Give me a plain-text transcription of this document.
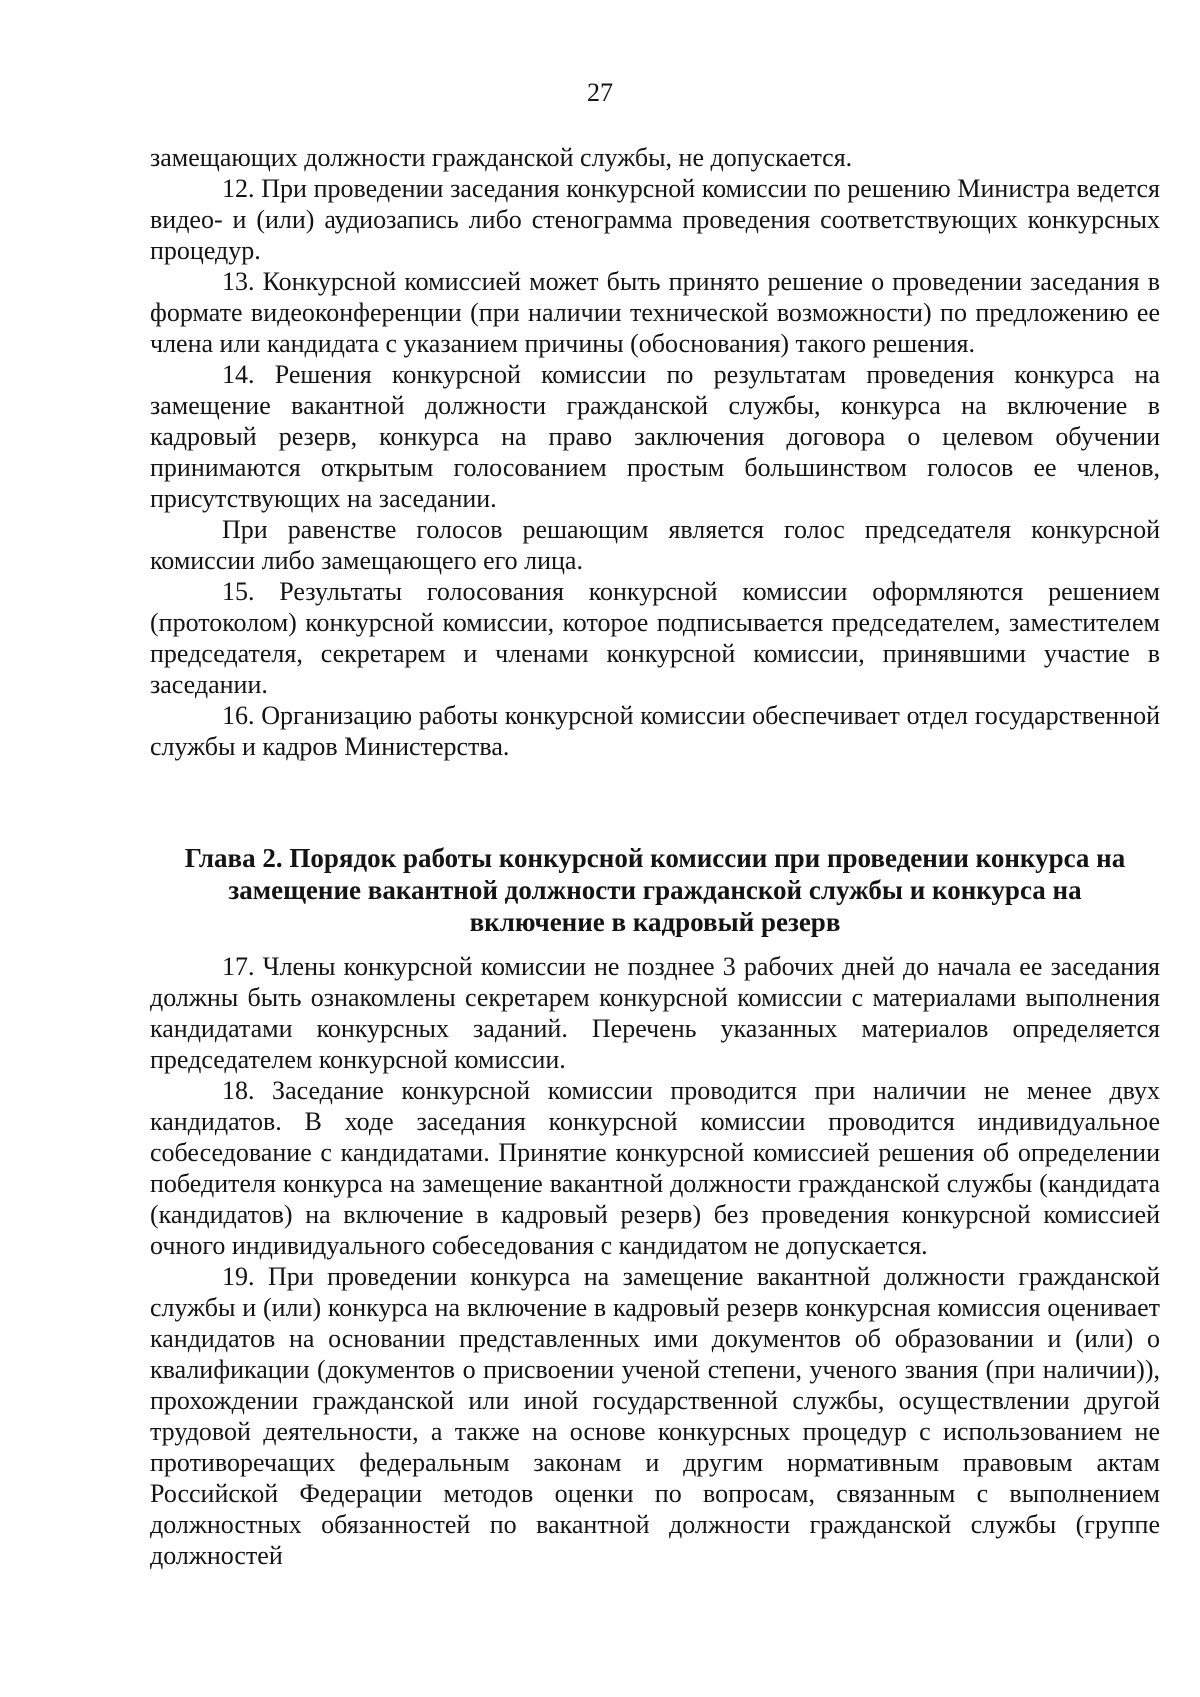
27

замещающих должности гражданской службы, не допускается.

12. При проведении заседания конкурсной комиссии по решению Министра ведется видео- и (или) аудиозапись либо стенограмма проведения соответствующих конкурсных процедур.

13. Конкурсной комиссией может быть принято решение о проведении заседания в формате видеоконференции (при наличии технической возможности) по предложению ее члена или кандидата с указанием причины (обоснования) такого решения.

14. Решения конкурсной комиссии по результатам проведения конкурса на замещение вакантной должности гражданской службы, конкурса на включение в кадровый резерв, конкурса на право заключения договора о целевом обучении принимаются открытым голосованием простым большинством голосов ее членов, присутствующих на заседании.

При равенстве голосов решающим является голос председателя конкурсной комиссии либо замещающего его лица.

15. Результаты голосования конкурсной комиссии оформляются решением (протоколом) конкурсной комиссии, которое подписывается председателем, заместителем председателя, секретарем и членами конкурсной комиссии, принявшими участие в заседании.

16. Организацию работы конкурсной комиссии обеспечивает отдел государственной службы и кадров Министерства.

Глава 2. Порядок работы конкурсной комиссии при проведении конкурса на
замещение вакантной должности гражданской службы и конкурса на
включение в кадровый резерв

17. Члены конкурсной комиссии не позднее 3 рабочих дней до начала ее заседания должны быть ознакомлены секретарем конкурсной комиссии с материалами выполнения кандидатами конкурсных заданий. Перечень указанных материалов определяется председателем конкурсной комиссии.

18. Заседание конкурсной комиссии проводится при наличии не менее двух кандидатов. В ходе заседания конкурсной комиссии проводится индивидуальное собеседование с кандидатами. Принятие конкурсной комиссией решения об определении победителя конкурса на замещение вакантной должности гражданской службы (кандидата (кандидатов) на включение в кадровый резерв) без проведения конкурсной комиссией очного индивидуального собеседования с кандидатом не допускается.

19. При проведении конкурса на замещение вакантной должности гражданской службы и (или) конкурса на включение в кадровый резерв конкурсная комиссия оценивает кандидатов на основании представленных ими документов об образовании и (или) о квалификации (документов о присвоении ученой степени, ученого звания (при наличии)), прохождении гражданской или иной государственной службы, осуществлении другой трудовой деятельности, а также на основе конкурсных процедур с использованием не противоречащих федеральным законам и другим нормативным правовым актам Российской Федерации методов оценки по вопросам, связанным с выполнением должностных обязанностей по вакантной должности гражданской службы (группе должностей
